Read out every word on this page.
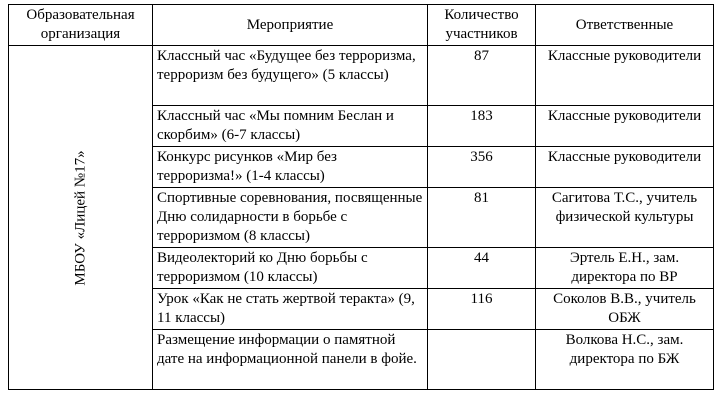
Образовательная организация	Мероприятие	Количество участников	Ответственные

МБОУ «Лицей №17»	Классный час «Будущее без терроризма, терроризм без будущего» (5 классы)	87	Классные руководители
	Классный час «Мы помним Беслан и скорбим» (6-7 классы)	183	Классные руководители
	Конкурс рисунков «Мир без терроризма!» (1-4 классы)	356	Классные руководители
	Спортивные соревнования, посвященные Дню солидарности в борьбе с терроризмом (8 классы)	81	Сагитова Т.С., учитель физической культуры
	Видеолекторий ко Дню борьбы с терроризмом (10 классы)	44	Эртель Е.Н., зам. директора по ВР
	Урок «Как не стать жертвой теракта» (9, 11 классы)	116	Соколов В.В., учитель ОБЖ
	Размещение информации о памятной дате на информационной панели в фойе.		Волкова Н.С., зам. директора по БЖ
